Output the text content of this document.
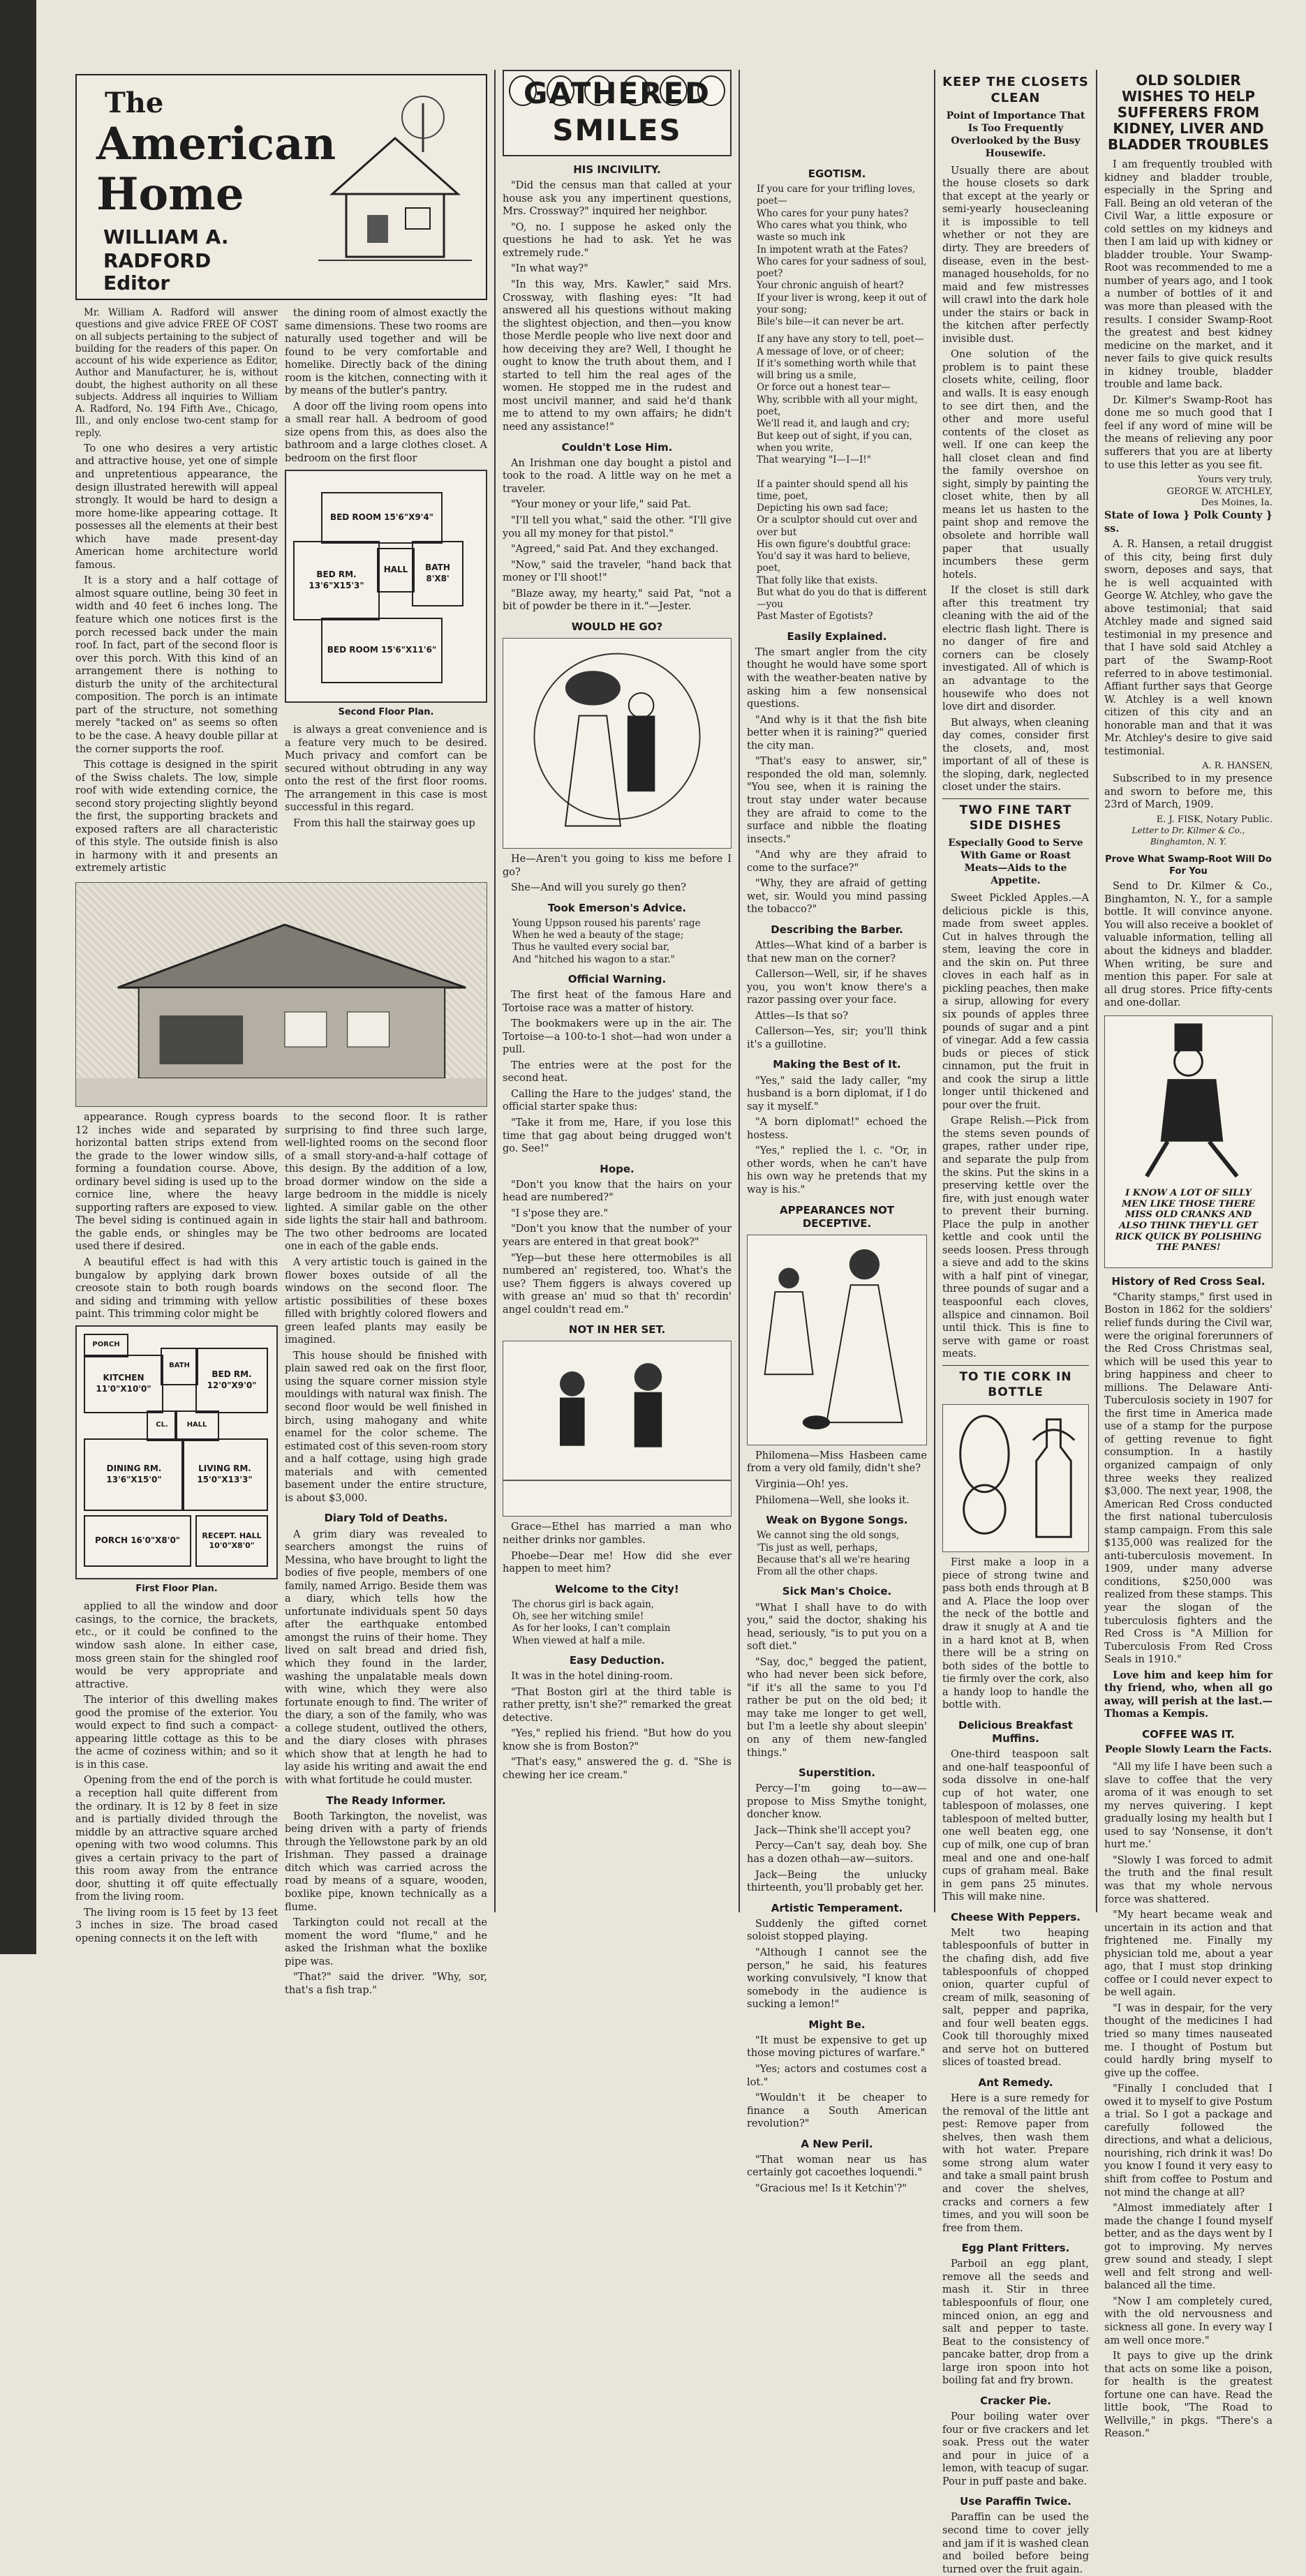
The
American
Home
WILLIAM A.
RADFORD
Editor

Mr. William A. Radford will answer questions and give advice FREE OF COST on all subjects pertaining to the subject of building for the readers of this paper. On account of his wide experience as Editor, Author and Manufacturer, he is, without doubt, the highest authority on all these subjects. Address all inquiries to William A. Radford, No. 194 Fifth Ave., Chicago, Ill., and only enclose two-cent stamp for reply.

To one who desires a very artistic and attractive house, yet one of simple and unpretentious appearance, the design illustrated herewith will appeal strongly. It would be hard to design a more home-like appearing cottage. It possesses all the elements at their best which have made present-day American home architecture world famous.

It is a story and a half cottage of almost square outline, being 30 feet in width and 40 feet 6 inches long. The feature which one notices first is the porch recessed back under the main roof. In fact, part of the second floor is over this porch. With this kind of an arrangement there is nothing to disturb the unity of the architectural composition. The porch is an intimate part of the structure, not something merely "tacked on" as seems so often to be the case. A heavy double pillar at the corner supports the roof.

This cottage is designed in the spirit of the Swiss chalets. The low, simple roof with wide extending cornice, the second story projecting slightly beyond the first, the supporting brackets and exposed rafters are all characteristic of this style. The outside finish is also in harmony with it and presents an extremely artistic

the dining room of almost exactly the same dimensions. These two rooms are naturally used together and will be found to be very comfortable and homelike. Directly back of the dining room is the kitchen, connecting with it by means of the butler's pantry.

A door off the living room opens into a small rear hall. A bedroom of good size opens from this, as does also the bathroom and a large clothes closet. A bedroom on the first floor

BED ROOM 15'6"X9'4"
BED RM. 13'6"X15'3"
HALL	BATH 8'X8'
BED ROOM 15'6"X11'6"
Second Floor Plan.

is always a great convenience and is a feature very much to be desired. Much privacy and comfort can be secured without obtruding in any way onto the rest of the first floor rooms. The arrangement in this case is most successful in this regard.

From this hall the stairway goes up

appearance. Rough cypress boards 12 inches wide and separated by horizontal batten strips extend from the grade to the lower window sills, forming a foundation course. Above, ordinary bevel siding is used up to the cornice line, where the heavy supporting rafters are exposed to view. The bevel siding is continued again in the gable ends, or shingles may be used there if desired.

A beautiful effect is had with this bungalow by applying dark brown creosote stain to both rough boards and siding and trimming with yellow paint. This trimming color might be

PORCH
KITCHEN 11'0"X10'0"
BATH
BED RM. 12'0"X9'0"
HALL
CL.
DINING RM. 13'6"X15'0"
LIVING RM. 15'0"X13'3"
PORCH 16'0"X8'0"	RECEPT. HALL 10'0"X8'0"
First Floor Plan.

applied to all the window and door casings, to the cornice, the brackets, etc., or it could be confined to the window sash alone. In either case, moss green stain for the shingled roof would be very appropriate and attractive.

The interior of this dwelling makes good the promise of the exterior. You would expect to find such a compact-appearing little cottage as this to be the acme of coziness within; and so it is in this case.

Opening from the end of the porch is a reception hall quite different from the ordinary. It is 12 by 8 feet in size and is partially divided through the middle by an attractive square arched opening with two wood columns. This gives a certain privacy to the part of this room away from the entrance door, shutting it off quite effectually from the living room.

The living room is 15 feet by 13 feet 3 inches in size. The broad cased opening connects it on the left with

to the second floor. It is rather surprising to find three such large, well-lighted rooms on the second floor of a small story-and-a-half cottage of this design. By the addition of a low, broad dormer window on the side a large bedroom in the middle is nicely lighted. A similar gable on the other side lights the stair hall and bathroom. The two other bedrooms are located one in each of the gable ends.

A very artistic touch is gained in the flower boxes outside of all the windows on the second floor. The artistic possibilities of these boxes filled with brightly colored flowers and green leafed plants may easily be imagined.

This house should be finished with plain sawed red oak on the first floor, using the square corner mission style mouldings with natural wax finish. The second floor would be well finished in birch, using mahogany and white enamel for the color scheme. The estimated cost of this seven-room story and a half cottage, using high grade materials and with cemented basement under the entire structure, is about $3,000.

Diary Told of Deaths.

A grim diary was revealed to searchers amongst the ruins of Messina, who have brought to light the bodies of five people, members of one family, named Arrigo. Beside them was a diary, which tells how the unfortunate individuals spent 50 days after the earthquake entombed amongst the ruins of their home. They lived on salt bread and dried fish, which they found in the larder, washing the unpalatable meals down with wine, which they were also fortunate enough to find. The writer of the diary, a son of the family, who was a college student, outlived the others, and the diary closes with phrases which show that at length he had to lay aside his writing and await the end with what fortitude he could muster.

The Ready Informer.

Booth Tarkington, the novelist, was being driven with a party of friends through the Yellowstone park by an old Irishman. They passed a drainage ditch which was carried across the road by means of a square, wooden, boxlike pipe, known technically as a flume.

Tarkington could not recall at the moment the word "flume," and he asked the Irishman what the boxlike pipe was.

"That?" said the driver. "Why, sor, that's a fish trap."

GATHERED SMILES
HIS INCIVILITY.

"Did the census man that called at your house ask you any impertinent questions, Mrs. Crossway?" inquired her neighbor.

"O, no. I suppose he asked only the questions he had to ask. Yet he was extremely rude."

"In what way?"

"In this way, Mrs. Kawler," said Mrs. Crossway, with flashing eyes: "It had answered all his questions without making the slightest objection, and then—you know those Merdle people who live next door and how deceiving they are? Well, I thought he ought to know the truth about them, and I started to tell him the real ages of the women. He stopped me in the rudest and most uncivil manner, and said he'd thank me to attend to my own affairs; he didn't need any assistance!"

Couldn't Lose Him.

An Irishman one day bought a pistol and took to the road. A little way on he met a traveler.

"Your money or your life," said Pat.

"I'll tell you what," said the other. "I'll give you all my money for that pistol."

"Agreed," said Pat. And they exchanged.

"Now," said the traveler, "hand back that money or I'll shoot!"

"Blaze away, my hearty," said Pat, "not a bit of powder be there in it."—Jester.

WOULD HE GO?

He—Aren't you going to kiss me before I go?

She—And will you surely go then?

Took Emerson's Advice.
Young Uppson roused his parents' rage
When he wed a beauty of the stage;
Thus he vaulted every social bar,
And "hitched his wagon to a star."
Official Warning.

The first heat of the famous Hare and Tortoise race was a matter of history.

The bookmakers were up in the air. The Tortoise—a 100-to-1 shot—had won under a pull.

The entries were at the post for the second heat.

Calling the Hare to the judges' stand, the official starter spake thus:

"Take it from me, Hare, if you lose this time that gag about being drugged won't go. See!"

Hope.

"Don't you know that the hairs on your head are numbered?"

"I s'pose they are."

"Don't you know that the number of your years are entered in that great book?"

"Yep—but these here ottermobiles is all numbered an' registered, too. What's the use? Them figgers is always covered up with grease an' mud so that th' recordin' angel couldn't read em."

NOT IN HER SET.

Grace—Ethel has married a man who neither drinks nor gambles.

Phoebe—Dear me! How did she ever happen to meet him?

Welcome to the City!
The chorus girl is back again,
Oh, see her witching smile!
As for her looks, I can't complain
When viewed at half a mile.
Easy Deduction.

It was in the hotel dining-room.

"That Boston girl at the third table is rather pretty, isn't she?" remarked the great detective.

"Yes," replied his friend. "But how do you know she is from Boston?"

"That's easy," answered the g. d. "She is chewing her ice cream."

EGOTISM.
If you care for your trifling loves, poet—
Who cares for your puny hates?
Who cares what you think, who waste so much ink
In impotent wrath at the Fates?
Who cares for your sadness of soul, poet?
Your chronic anguish of heart?
If your liver is wrong, keep it out of your song;
Bile's bile—it can never be art.
If any have any story to tell, poet—
A message of love, or of cheer;
If it's something worth while that will bring us a smile,
Or force out a honest tear—
Why, scribble with all your might, poet,
We'll read it, and laugh and cry;
But keep out of sight, if you can, when you write,
That wearying "I—I—I!"

If a painter should spend all his time, poet,
Depicting his own sad face;
Or a sculptor should cut over and over but
His own figure's doubtful grace:
You'd say it was hard to believe, poet,
That folly like that exists.
But what do you do that is different—you
Past Master of Egotists?
Easily Explained.

The smart angler from the city thought he would have some sport with the weather-beaten native by asking him a few nonsensical questions.

"And why is it that the fish bite better when it is raining?" queried the city man.

"That's easy to answer, sir," responded the old man, solemnly. "You see, when it is raining the trout stay under water because they are afraid to come to the surface and nibble the floating insects."

"And why are they afraid to come to the surface?"

"Why, they are afraid of getting wet, sir. Would you mind passing the tobacco?"

Describing the Barber.

Attles—What kind of a barber is that new man on the corner?

Callerson—Well, sir, if he shaves you, you won't know there's a razor passing over your face.

Attles—Is that so?

Callerson—Yes, sir; you'll think it's a guillotine.

Making the Best of It.

"Yes," said the lady caller, "my husband is a born diplomat, if I do say it myself."

"A born diplomat!" echoed the hostess.

"Yes," replied the l. c. "Or, in other words, when he can't have his own way he pretends that my way is his."

APPEARANCES NOT DECEPTIVE.

Philomena—Miss Hasbeen came from a very old family, didn't she?

Virginia—Oh! yes.

Philomena—Well, she looks it.

Weak on Bygone Songs.
We cannot sing the old songs,
'Tis just as well, perhaps,
Because that's all we're hearing
From all the other chaps.
Sick Man's Choice.

"What I shall have to do with you," said the doctor, shaking his head, seriously, "is to put you on a soft diet."

"Say, doc," begged the patient, who had never been sick before, "if it's all the same to you I'd rather be put on the old bed; it may take me longer to get well, but I'm a leetle shy about sleepin' on any of them new-fangled things."

Superstition.

Percy—I'm going to—aw—propose to Miss Smythe tonight, doncher know.

Jack—Think she'll accept you?

Percy—Can't say, deah boy. She has a dozen othah—aw—suitors.

Jack—Being the unlucky thirteenth, you'll probably get her.

Artistic Temperament.

Suddenly the gifted cornet soloist stopped playing.

"Although I cannot see the person," he said, his features working convulsively, "I know that somebody in the audience is sucking a lemon!"

Might Be.

"It must be expensive to get up those moving pictures of warfare."

"Yes; actors and costumes cost a lot."

"Wouldn't it be cheaper to finance a South American revolution?"

A New Peril.

"That woman near us has certainly got cacoethes loquendi."

"Gracious me! Is it Ketchin'?"

KEEP THE CLOSETS CLEAN
Point of Importance That Is Too Frequently Overlooked by the Busy Housewife.

Usually there are about the house closets so dark that except at the yearly or semi-yearly housecleaning it is impossible to tell whether or not they are dirty. They are breeders of disease, even in the best-managed households, for no maid and few mistresses will crawl into the dark hole under the stairs or back in the kitchen after perfectly invisible dust.

One solution of the problem is to paint these closets white, ceiling, floor and walls. It is easy enough to see dirt then, and the other and more useful contents of the closet as well. If one can keep the hall closet clean and find the family overshoe on sight, simply by painting the closet white, then by all means let us hasten to the paint shop and remove the obsolete and horrible wall paper that usually incumbers these germ hotels.

If the closet is still dark after this treatment try cleaning with the aid of the electric flash light. There is no danger of fire and corners can be closely investigated. All of which is an advantage to the housewife who does not love dirt and disorder.

But always, when cleaning day comes, consider first the closets, and, most important of all of these is the sloping, dark, neglected closet under the stairs.

TWO FINE TART SIDE DISHES
Especially Good to Serve With Game or Roast Meats—Aids to the Appetite.

Sweet Pickled Apples.—A delicious pickle is this, made from sweet apples. Cut in halves through the stem, leaving the core in and the skin on. Put three cloves in each half as in pickling peaches, then make a sirup, allowing for every six pounds of apples three pounds of sugar and a pint of vinegar. Add a few cassia buds or pieces of stick cinnamon, put the fruit in and cook the sirup a little longer until thickened and pour over the fruit.

Grape Relish.—Pick from the stems seven pounds of grapes, rather under ripe, and separate the pulp from the skins. Put the skins in a preserving kettle over the fire, with just enough water to prevent their burning. Place the pulp in another kettle and cook until the seeds loosen. Press through a sieve and add to the skins with a half pint of vinegar, three pounds of sugar and a teaspoonful each cloves, allspice and cinnamon. Boil until thick. This is fine to serve with game or roast meats.

TO TIE CORK IN BOTTLE

First make a loop in a piece of strong twine and pass both ends through at B and A. Place the loop over the neck of the bottle and draw it snugly at A and tie in a hard knot at B, when there will be a string on both sides of the bottle to tie firmly over the cork, also a handy loop to handle the bottle with.

Delicious Breakfast Muffins.

One-third teaspoon salt and one-half teaspoonful of soda dissolve in one-half cup of hot water, one tablespoon of molasses, one tablespoon of melted butter, one well beaten egg, one cup of milk, one cup of bran meal and one and one-half cups of graham meal. Bake in gem pans 25 minutes. This will make nine.

Cheese With Peppers.

Melt two heaping tablespoonfuls of butter in the chafing dish, add five tablespoonfuls of chopped onion, quarter cupful of cream of milk, seasoning of salt, pepper and paprika, and four well beaten eggs. Cook till thoroughly mixed and serve hot on buttered slices of toasted bread.

Ant Remedy.

Here is a sure remedy for the removal of the little ant pest: Remove paper from shelves, then wash them with hot water. Prepare some strong alum water and take a small paint brush and cover the shelves, cracks and corners a few times, and you will soon be free from them.

Egg Plant Fritters.

Parboil an egg plant, remove all the seeds and mash it. Stir in three tablespoonfuls of flour, one minced onion, an egg and salt and pepper to taste. Beat to the consistency of pancake batter, drop from a large iron spoon into hot boiling fat and fry brown.

Cracker Pie.

Pour boiling water over four or five crackers and let soak. Press out the water and pour in juice of a lemon, with teacup of sugar. Pour in puff paste and bake.

Use Paraffin Twice.

Paraffin can be used the second time to cover jelly and jam if it is washed clean and boiled before being turned over the fruit again.

OLD SOLDIER WISHES TO HELP SUFFERERS FROM KIDNEY, LIVER AND BLADDER TROUBLES

I am frequently troubled with kidney and bladder trouble, especially in the Spring and Fall. Being an old veteran of the Civil War, a little exposure or cold settles on my kidneys and then I am laid up with kidney or bladder trouble. Your Swamp-Root was recommended to me a number of years ago, and I took a number of bottles of it and was more than pleased with the results. I consider Swamp-Root the greatest and best kidney medicine on the market, and it never fails to give quick results in kidney trouble, bladder trouble and lame back.

Dr. Kilmer's Swamp-Root has done me so much good that I feel if any word of mine will be the means of relieving any poor sufferers that you are at liberty to use this letter as you see fit.

Yours very truly,
GEORGE W. ATCHLEY,
Des Moines, Ia.

State of Iowa } Polk County } ss.

A. R. Hansen, a retail druggist of this city, being first duly sworn, deposes and says, that he is well acquainted with George W. Atchley, who gave the above testimonial; that said Atchley made and signed said testimonial in my presence and that I have sold said Atchley a part of the Swamp-Root referred to in above testimonial. Affiant further says that George W. Atchley is a well known citizen of this city and an honorable man and that it was Mr. Atchley's desire to give said testimonial.

A. R. HANSEN,

Subscribed to in my presence and sworn to before me, this 23rd of March, 1909.

E. J. FISK, Notary Public.
Letter to Dr. Kilmer & Co., Binghamton, N. Y.
Prove What Swamp-Root Will Do For You

Send to Dr. Kilmer & Co., Binghamton, N. Y., for a sample bottle. It will convince anyone. You will also receive a booklet of valuable information, telling all about the kidneys and bladder. When writing, be sure and mention this paper. For sale at all drug stores. Price fifty-cents and one-dollar.

I KNOW A LOT OF SILLY MEN LIKE THOSE THERE MISS OLD CRANKS AND ALSO THINK THEY'LL GET RICK QUICK BY POLISHING THE PANES!
History of Red Cross Seal.

"Charity stamps," first used in Boston in 1862 for the soldiers' relief funds during the Civil war, were the original forerunners of the Red Cross Christmas seal, which will be used this year to bring happiness and cheer to millions. The Delaware Anti-Tuberculosis society in 1907 for the first time in America made use of a stamp for the purpose of getting revenue to fight consumption. In a hastily organized campaign of only three weeks they realized $3,000. The next year, 1908, the American Red Cross conducted the first national tuberculosis stamp campaign. From this sale $135,000 was realized for the anti-tuberculosis movement. In 1909, under many adverse conditions, $250,000 was realized from these stamps. This year the slogan of the tuberculosis fighters and the Red Cross is "A Million for Tuberculosis From Red Cross Seals in 1910."

Love him and keep him for thy friend, who, when all go away, will perish at the last.—Thomas a Kempis.

COFFEE WAS IT.
People Slowly Learn the Facts.

"All my life I have been such a slave to coffee that the very aroma of it was enough to set my nerves quivering. I kept gradually losing my health but I used to say 'Nonsense, it don't hurt me.'

"Slowly I was forced to admit the truth and the final result was that my whole nervous force was shattered.

"My heart became weak and uncertain in its action and that frightened me. Finally my physician told me, about a year ago, that I must stop drinking coffee or I could never expect to be well again.

"I was in despair, for the very thought of the medicines I had tried so many times nauseated me. I thought of Postum but could hardly bring myself to give up the coffee.

"Finally I concluded that I owed it to myself to give Postum a trial. So I got a package and carefully followed the directions, and what a delicious, nourishing, rich drink it was! Do you know I found it very easy to shift from coffee to Postum and not mind the change at all?

"Almost immediately after I made the change I found myself better, and as the days went by I got to improving. My nerves grew sound and steady, I slept well and felt strong and well-balanced all the time.

"Now I am completely cured, with the old nervousness and sickness all gone. In every way I am well once more."

It pays to give up the drink that acts on some like a poison, for health is the greatest fortune one can have. Read the little book, "The Road to Wellville," in pkgs. "There's a Reason."
